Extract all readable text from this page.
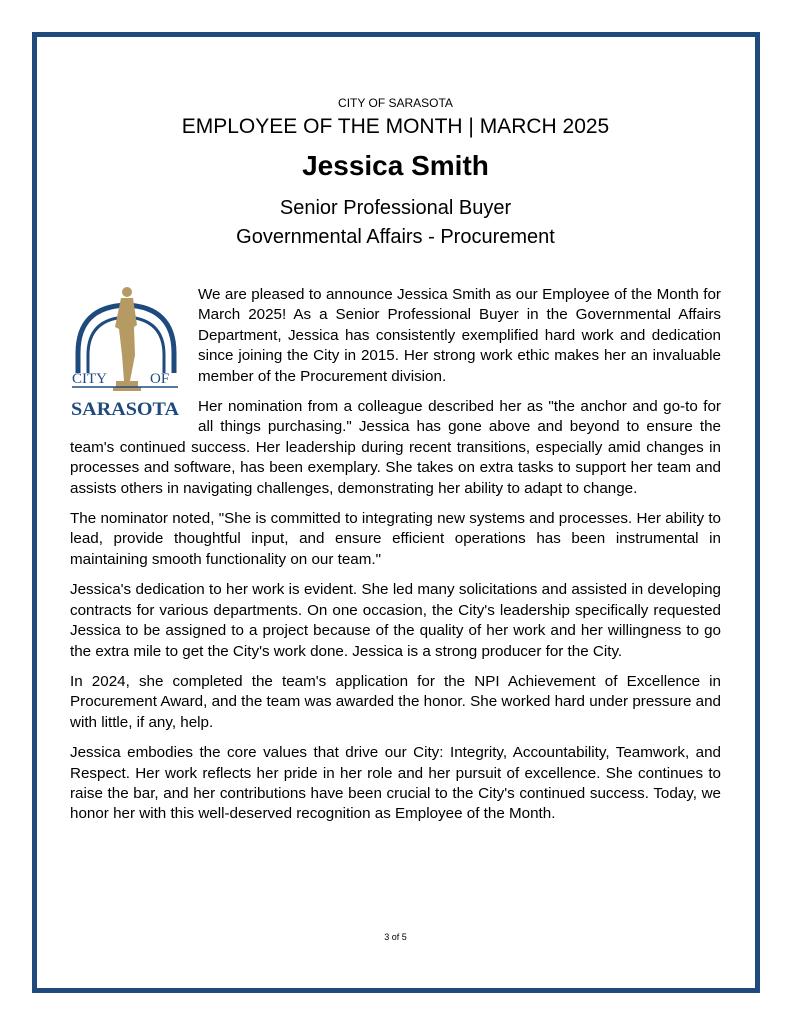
CITY OF SARASOTA
EMPLOYEE OF THE MONTH | MARCH 2025
Jessica Smith
Senior Professional Buyer
Governmental Affairs - Procurement
CITY	OF
SARASOTA

We are pleased to announce Jessica Smith as our Employee of the Month for March 2025! As a Senior Professional Buyer in the Governmental Affairs Department, Jessica has consistently exemplified hard work and dedication since joining the City in 2015. Her strong work ethic makes her an invaluable member of the Procurement division.

Her nomination from a colleague described her as "the anchor and go-to for all things purchasing." Jessica has gone above and beyond to ensure the team's continued success. Her leadership during recent transitions, especially amid changes in processes and software, has been exemplary. She takes on extra tasks to support her team and assists others in navigating challenges, demonstrating her ability to adapt to change.

The nominator noted, "She is committed to integrating new systems and processes. Her ability to lead, provide thoughtful input, and ensure efficient operations has been instrumental in maintaining smooth functionality on our team."

Jessica's dedication to her work is evident. She led many solicitations and assisted in developing contracts for various departments. On one occasion, the City's leadership specifically requested Jessica to be assigned to a project because of the quality of her work and her willingness to go the extra mile to get the City's work done. Jessica is a strong producer for the City.

In 2024, she completed the team's application for the NPI Achievement of Excellence in Procurement Award, and the team was awarded the honor. She worked hard under pressure and with little, if any, help.

Jessica embodies the core values that drive our City: Integrity, Accountability, Teamwork, and Respect. Her work reflects her pride in her role and her pursuit of excellence. She continues to raise the bar, and her contributions have been crucial to the City's continued success. Today, we honor her with this well-deserved recognition as Employee of the Month.

3 of 5
